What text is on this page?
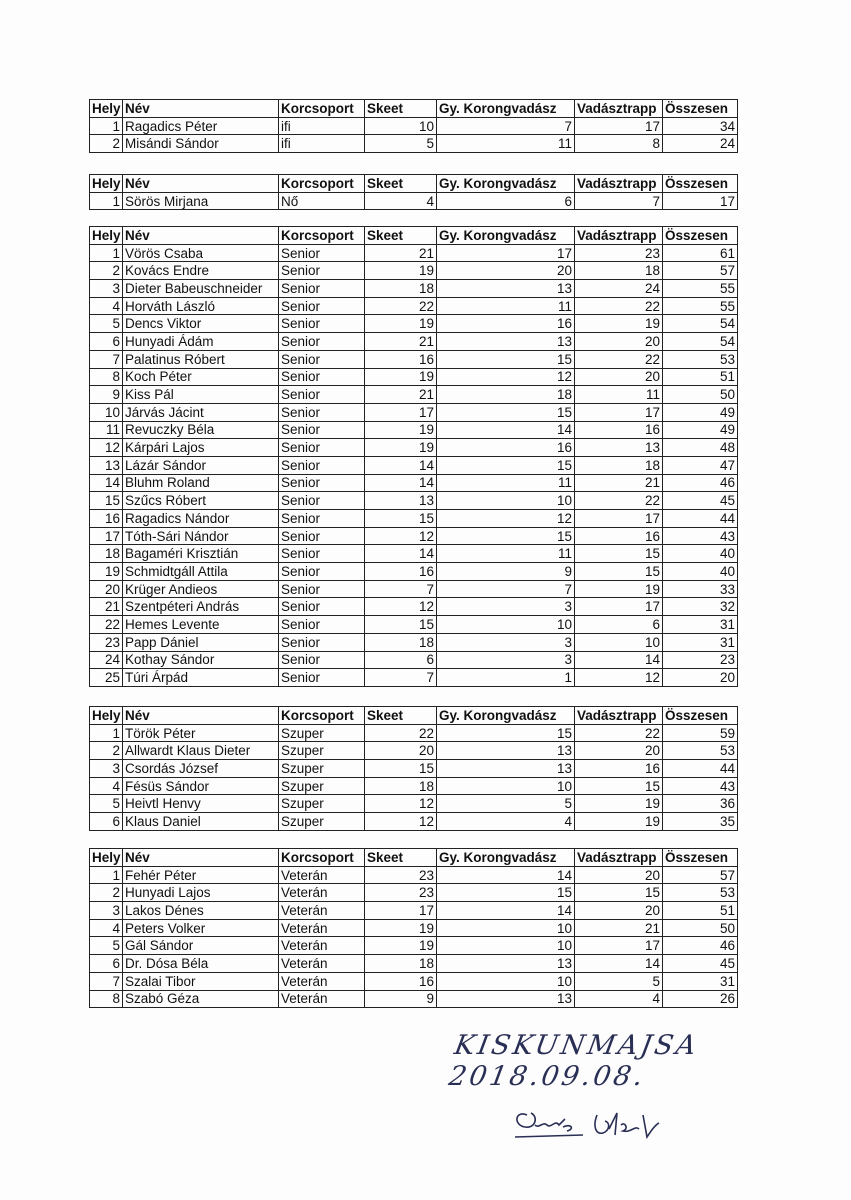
Hely	Név	Korcsoport	Skeet	Gy. Korongvadász	Vadásztrapp	Összesen
1	Ragadics Péter	ifi	10	7	17	34
2	Misándi Sándor	ifi	5	11	8	24
Hely	Név	Korcsoport	Skeet	Gy. Korongvadász	Vadásztrapp	Összesen
1	Sörös Mirjana	Nő	4	6	7	17
Hely	Név	Korcsoport	Skeet	Gy. Korongvadász	Vadásztrapp	Összesen
1	Vörös Csaba	Senior	21	17	23	61
2	Kovács Endre	Senior	19	20	18	57
3	Dieter Babeuschneider	Senior	18	13	24	55
4	Horváth László	Senior	22	11	22	55
5	Dencs Viktor	Senior	19	16	19	54
6	Hunyadi Ádám	Senior	21	13	20	54
7	Palatinus Róbert	Senior	16	15	22	53
8	Koch Péter	Senior	19	12	20	51
9	Kiss Pál	Senior	21	18	11	50
10	Járvás Jácint	Senior	17	15	17	49
11	Revuczky Béla	Senior	19	14	16	49
12	Kárpári Lajos	Senior	19	16	13	48
13	Lázár Sándor	Senior	14	15	18	47
14	Bluhm Roland	Senior	14	11	21	46
15	Szűcs Róbert	Senior	13	10	22	45
16	Ragadics Nándor	Senior	15	12	17	44
17	Tóth-Sári Nándor	Senior	12	15	16	43
18	Bagaméri Krisztián	Senior	14	11	15	40
19	Schmidtgáll Attila	Senior	16	9	15	40
20	Krüger Andieos	Senior	7	7	19	33
21	Szentpéteri András	Senior	12	3	17	32
22	Hemes Levente	Senior	15	10	6	31
23	Papp Dániel	Senior	18	3	10	31
24	Kothay Sándor	Senior	6	3	14	23
25	Túri Árpád	Senior	7	1	12	20
Hely	Név	Korcsoport	Skeet	Gy. Korongvadász	Vadásztrapp	Összesen
1	Török Péter	Szuper	22	15	22	59
2	Allwardt Klaus Dieter	Szuper	20	13	20	53
3	Csordás József	Szuper	15	13	16	44
4	Fésüs Sándor	Szuper	18	10	15	43
5	Heivtl Henvy	Szuper	12	5	19	36
6	Klaus Daniel	Szuper	12	4	19	35
Hely	Név	Korcsoport	Skeet	Gy. Korongvadász	Vadásztrapp	Összesen
1	Fehér Péter	Veterán	23	14	20	57
2	Hunyadi Lajos	Veterán	23	15	15	53
3	Lakos Dénes	Veterán	17	14	20	51
4	Peters Volker	Veterán	19	10	21	50
5	Gál Sándor	Veterán	19	10	17	46
6	Dr. Dósa Béla	Veterán	18	13	14	45
7	Szalai Tibor	Veterán	16	10	5	31
8	Szabó Géza	Veterán	9	13	4	26
KISKUNMAJSA 2018.09.08.
